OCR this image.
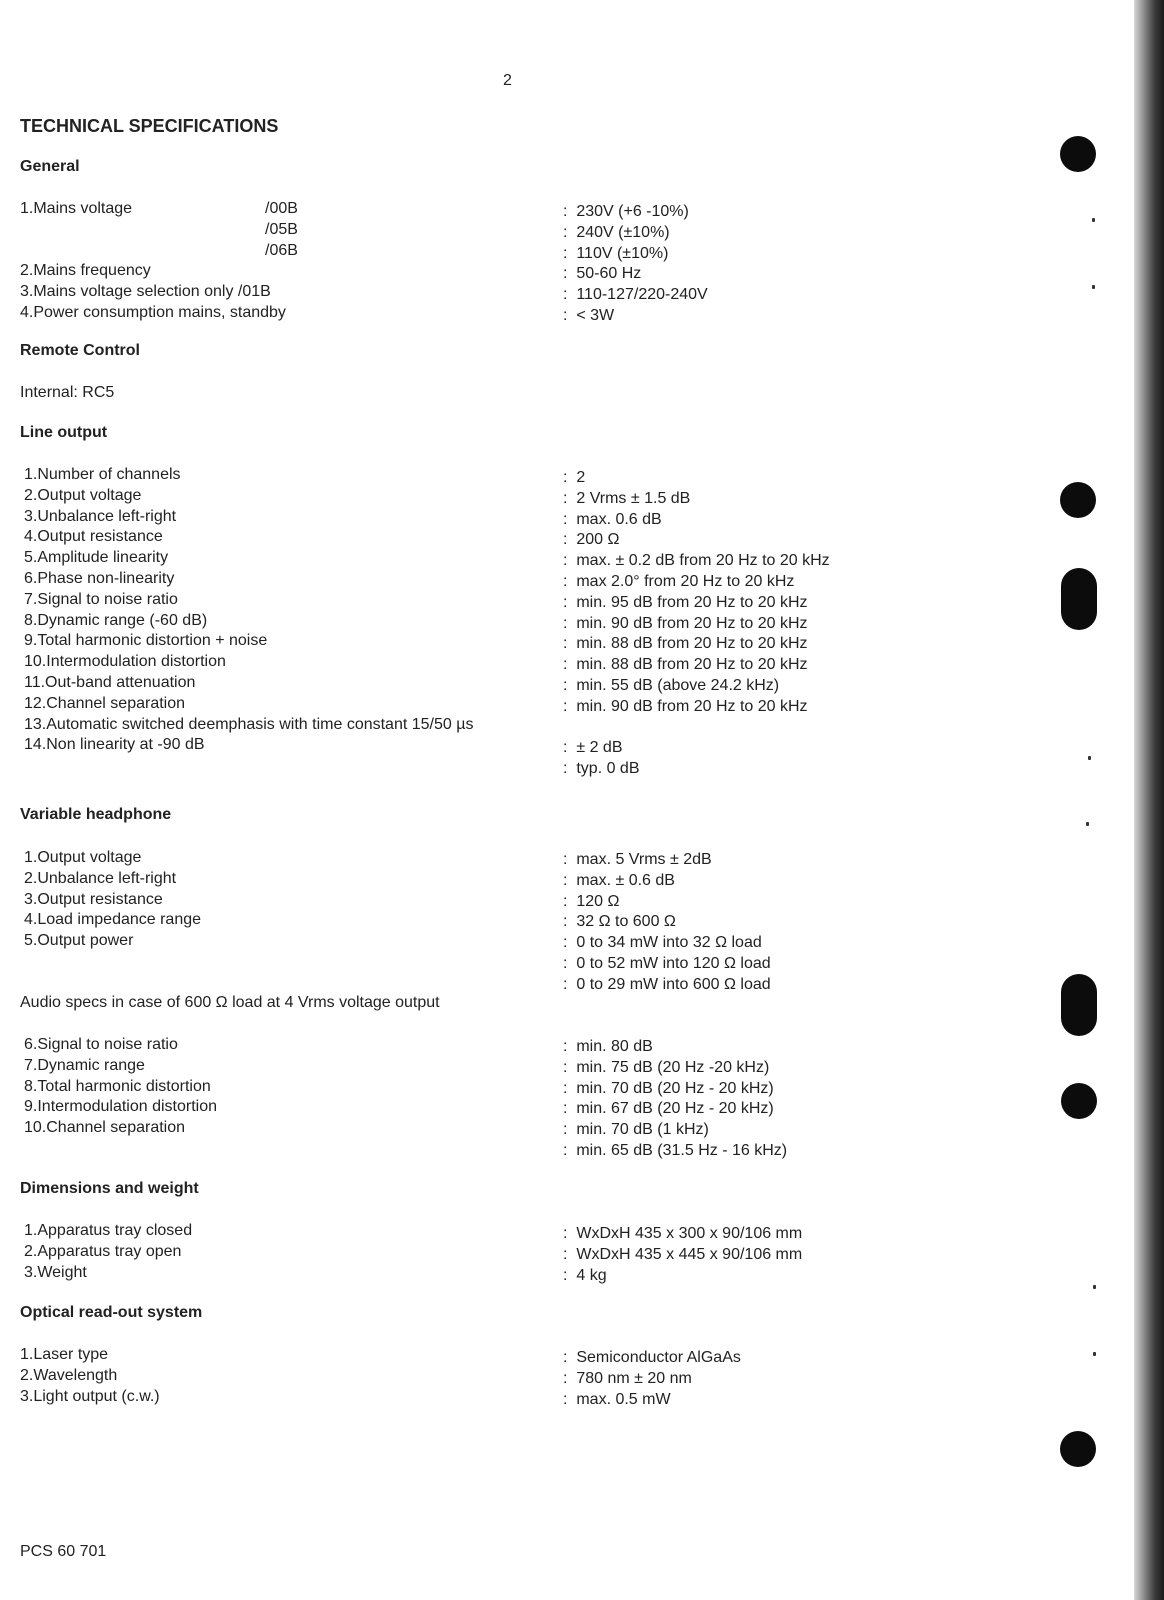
2
TECHNICAL SPECIFICATIONS
General
1.Mains voltage
2.Mains frequency
3.Mains voltage selection only /01B
4.Power consumption mains, standby
/00B
/05B
/06B
: 230V (+6 -10%)
: 240V (±10%)
: 110V (±10%)
: 50-60 Hz
: 110-127/220-240V
: < 3W
Remote Control
Internal: RC5
Line output
1.Number of channels
2.Output voltage
3.Unbalance left-right
4.Output resistance
5.Amplitude linearity
6.Phase non-linearity
7.Signal to noise ratio
8.Dynamic range (-60 dB)
9.Total harmonic distortion + noise
10.Intermodulation distortion
11.Out-band attenuation
12.Channel separation
13.Automatic switched deemphasis with time constant 15/50 µs
14.Non linearity at -90 dB
: 2
: 2 Vrms ± 1.5 dB
: max. 0.6 dB
: 200 Ω
: max. ± 0.2 dB from 20 Hz to 20 kHz
: max 2.0° from 20 Hz to 20 kHz
: min. 95 dB from 20 Hz to 20 kHz
: min. 90 dB from 20 Hz to 20 kHz
: min. 88 dB from 20 Hz to 20 kHz
: min. 88 dB from 20 Hz to 20 kHz
: min. 55 dB (above 24.2 kHz)
: min. 90 dB from 20 Hz to 20 kHz
: ± 2 dB
: typ. 0 dB
Variable headphone
1.Output voltage
2.Unbalance left-right
3.Output resistance
4.Load impedance range
5.Output power
: max. 5 Vrms ± 2dB
: max. ± 0.6 dB
: 120 Ω
: 32 Ω to 600 Ω
: 0 to 34 mW into 32 Ω load
: 0 to 52 mW into 120 Ω load
: 0 to 29 mW into 600 Ω load
Audio specs in case of 600 Ω load at 4 Vrms voltage output
6.Signal to noise ratio
7.Dynamic range
8.Total harmonic distortion
9.Intermodulation distortion
10.Channel separation
: min. 80 dB
: min. 75 dB (20 Hz -20 kHz)
: min. 70 dB (20 Hz - 20 kHz)
: min. 67 dB (20 Hz - 20 kHz)
: min. 70 dB (1 kHz)
: min. 65 dB (31.5 Hz - 16 kHz)
Dimensions and weight
1.Apparatus tray closed
2.Apparatus tray open
3.Weight
: WxDxH 435 x 300 x 90/106 mm
: WxDxH 435 x 445 x 90/106 mm
: 4 kg
Optical read-out system
1.Laser type
2.Wavelength
3.Light output (c.w.)
: Semiconductor AlGaAs
: 780 nm ± 20 nm
: max. 0.5 mW
PCS 60 701
